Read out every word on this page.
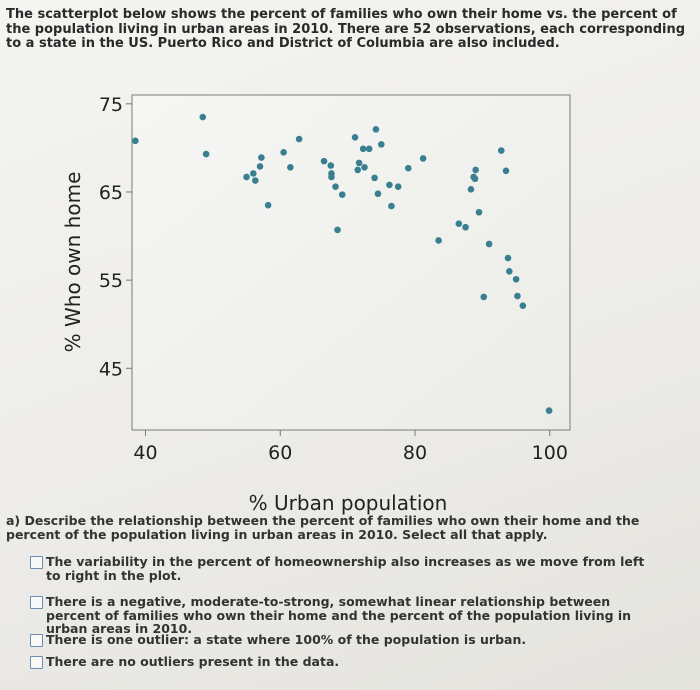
The scatterplot below shows the percent of families who own their home vs. the percent of the population living in urban areas in 2010. There are 52 observations, each corresponding to a state in the US. Puerto Rico and District of Columbia are also included.
45
55
65
75
40	60	80	100
% Urban population
% Who own home
a) Describe the relationship between the percent of families who own their home and the percent of the population living in urban areas in 2010. Select all that apply.
The variability in the percent of homeownership also increases as we move from left to right in the plot.
There is a negative, moderate-to-strong, somewhat linear relationship between percent of families who own their home and the percent of the population living in urban areas in 2010.
There is one outlier: a state where 100% of the population is urban.
There are no outliers present in the data.
